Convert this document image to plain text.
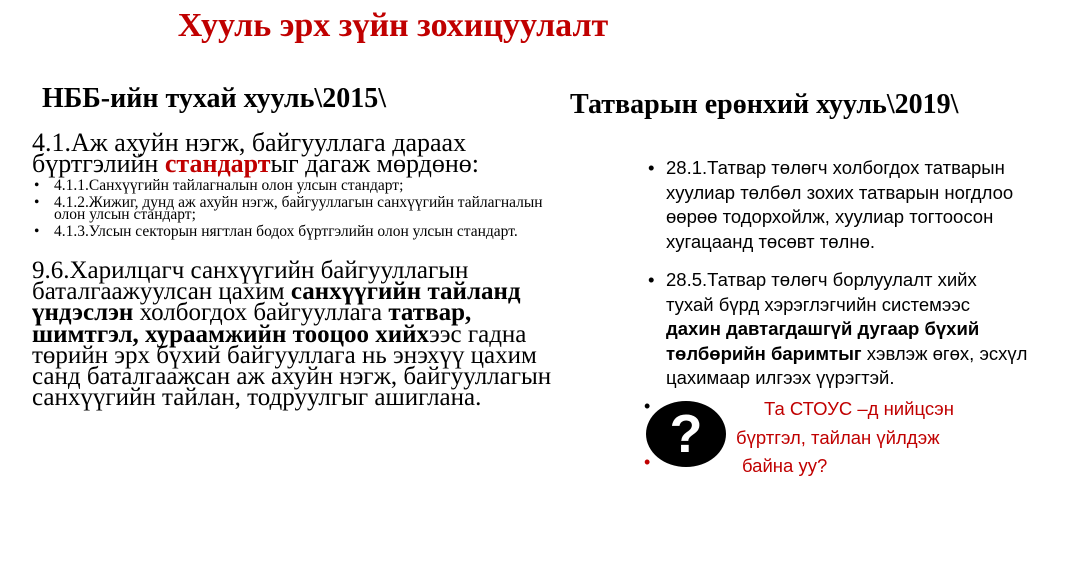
Хууль эрх зүйн зохицуулалт
НББ-ийн тухай хууль\2015\
4.1.Аж ахуйн нэгж, байгууллага дараах бүртгэлийн стандартыг дагаж мөрдөнө:
• 4.1.1.Санхүүгийн тайлагналын олон улсын стандарт;
• 4.1.2.Жижиг, дунд аж ахуйн нэгж, байгууллагын санхүүгийн тайлагналын олон улсын стандарт;
• 4.1.3.Улсын секторын нягтлан бодох бүртгэлийн олон улсын стандарт.
9.6.Харилцагч санхүүгийн байгууллагын баталгаажуулсан цахим санхүүгийн тайланд үндэслэн холбогдох байгууллага татвар, шимтгэл, хураамжийн тооцоо хийхээс гадна төрийн эрх бүхий байгууллага нь энэхүү цахим санд баталгаажсан аж ахуйн нэгж, байгууллагын санхүүгийн тайлан, тодруулгыг ашиглана.
Татварын ерөнхий хууль\2019\
• 28.1.Татвар төлөгч холбогдох татварын хуулиар төлбөл зохих татварын ногдлоо өөрөө тодорхойлж, хуулиар тогтоосон хугацаанд төсөвт төлнө.
• 28.5.Татвар төлөгч борлуулалт хийх тухай бүрд хэрэглэгчийн системээс дахин давтагдашгүй дугаар бүхий төлбөрийн баримтыг хэвлэж өгөх, эсхүл цахимаар илгээх үүрэгтэй.
•
• ?	Та СТОУС –д нийцсэн
бүртгэл, тайлан үйлдэж
байна уу?
